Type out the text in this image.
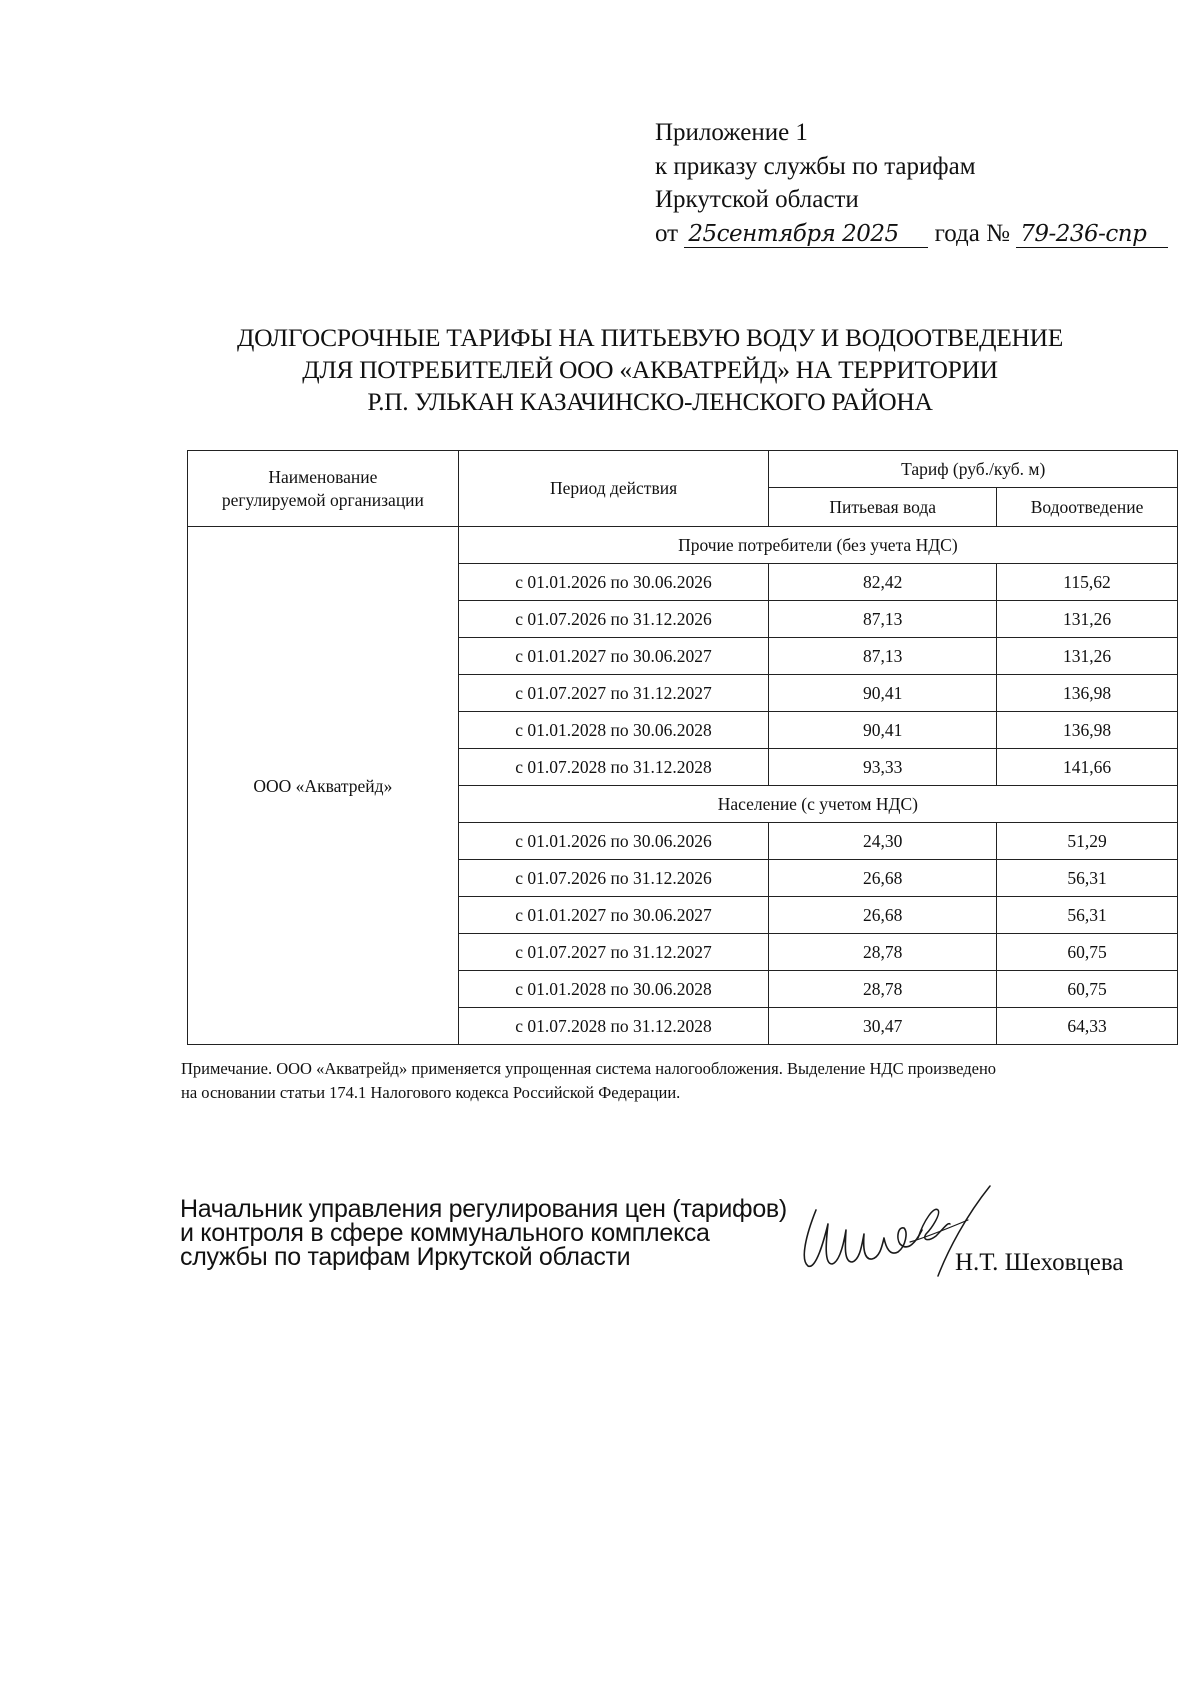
Приложение 1
к приказу службы по тарифам
Иркутской области
от 25сентября 2025 года № 79-236-спр
ДОЛГОСРОЧНЫЕ ТАРИФЫ НА ПИТЬЕВУЮ ВОДУ И ВОДООТВЕДЕНИЕ
ДЛЯ ПОТРЕБИТЕЛЕЙ ООО «АКВАТРЕЙД» НА ТЕРРИТОРИИ
Р.П. УЛЬКАН КАЗАЧИНСКО-ЛЕНСКОГО РАЙОНА
Наименование
регулируемой организации	Период действия	Тариф (руб./куб. м)	
		Питьевая вода	Водоотведение
ООО «Акватрейд»	Прочие потребители (без учета НДС)		
	с 01.01.2026 по 30.06.2026	82,42	115,62
	с 01.07.2026 по 31.12.2026	87,13	131,26
	с 01.01.2027 по 30.06.2027	87,13	131,26
	с 01.07.2027 по 31.12.2027	90,41	136,98
	с 01.01.2028 по 30.06.2028	90,41	136,98
	с 01.07.2028 по 31.12.2028	93,33	141,66
	Население (с учетом НДС)		
	с 01.01.2026 по 30.06.2026	24,30	51,29
	с 01.07.2026 по 31.12.2026	26,68	56,31
	с 01.01.2027 по 30.06.2027	26,68	56,31
	с 01.07.2027 по 31.12.2027	28,78	60,75
	с 01.01.2028 по 30.06.2028	28,78	60,75
	с 01.07.2028 по 31.12.2028	30,47	64,33
Примечание. ООО «Акватрейд» применяется упрощенная система налогообложения. Выделение НДС произведено
на основании статьи 174.1 Налогового кодекса Российской Федерации.
Начальник управления регулирования цен (тарифов)
и контроля в сфере коммунального комплекса
службы по тарифам Иркутской области	Н.Т. Шеховцева
